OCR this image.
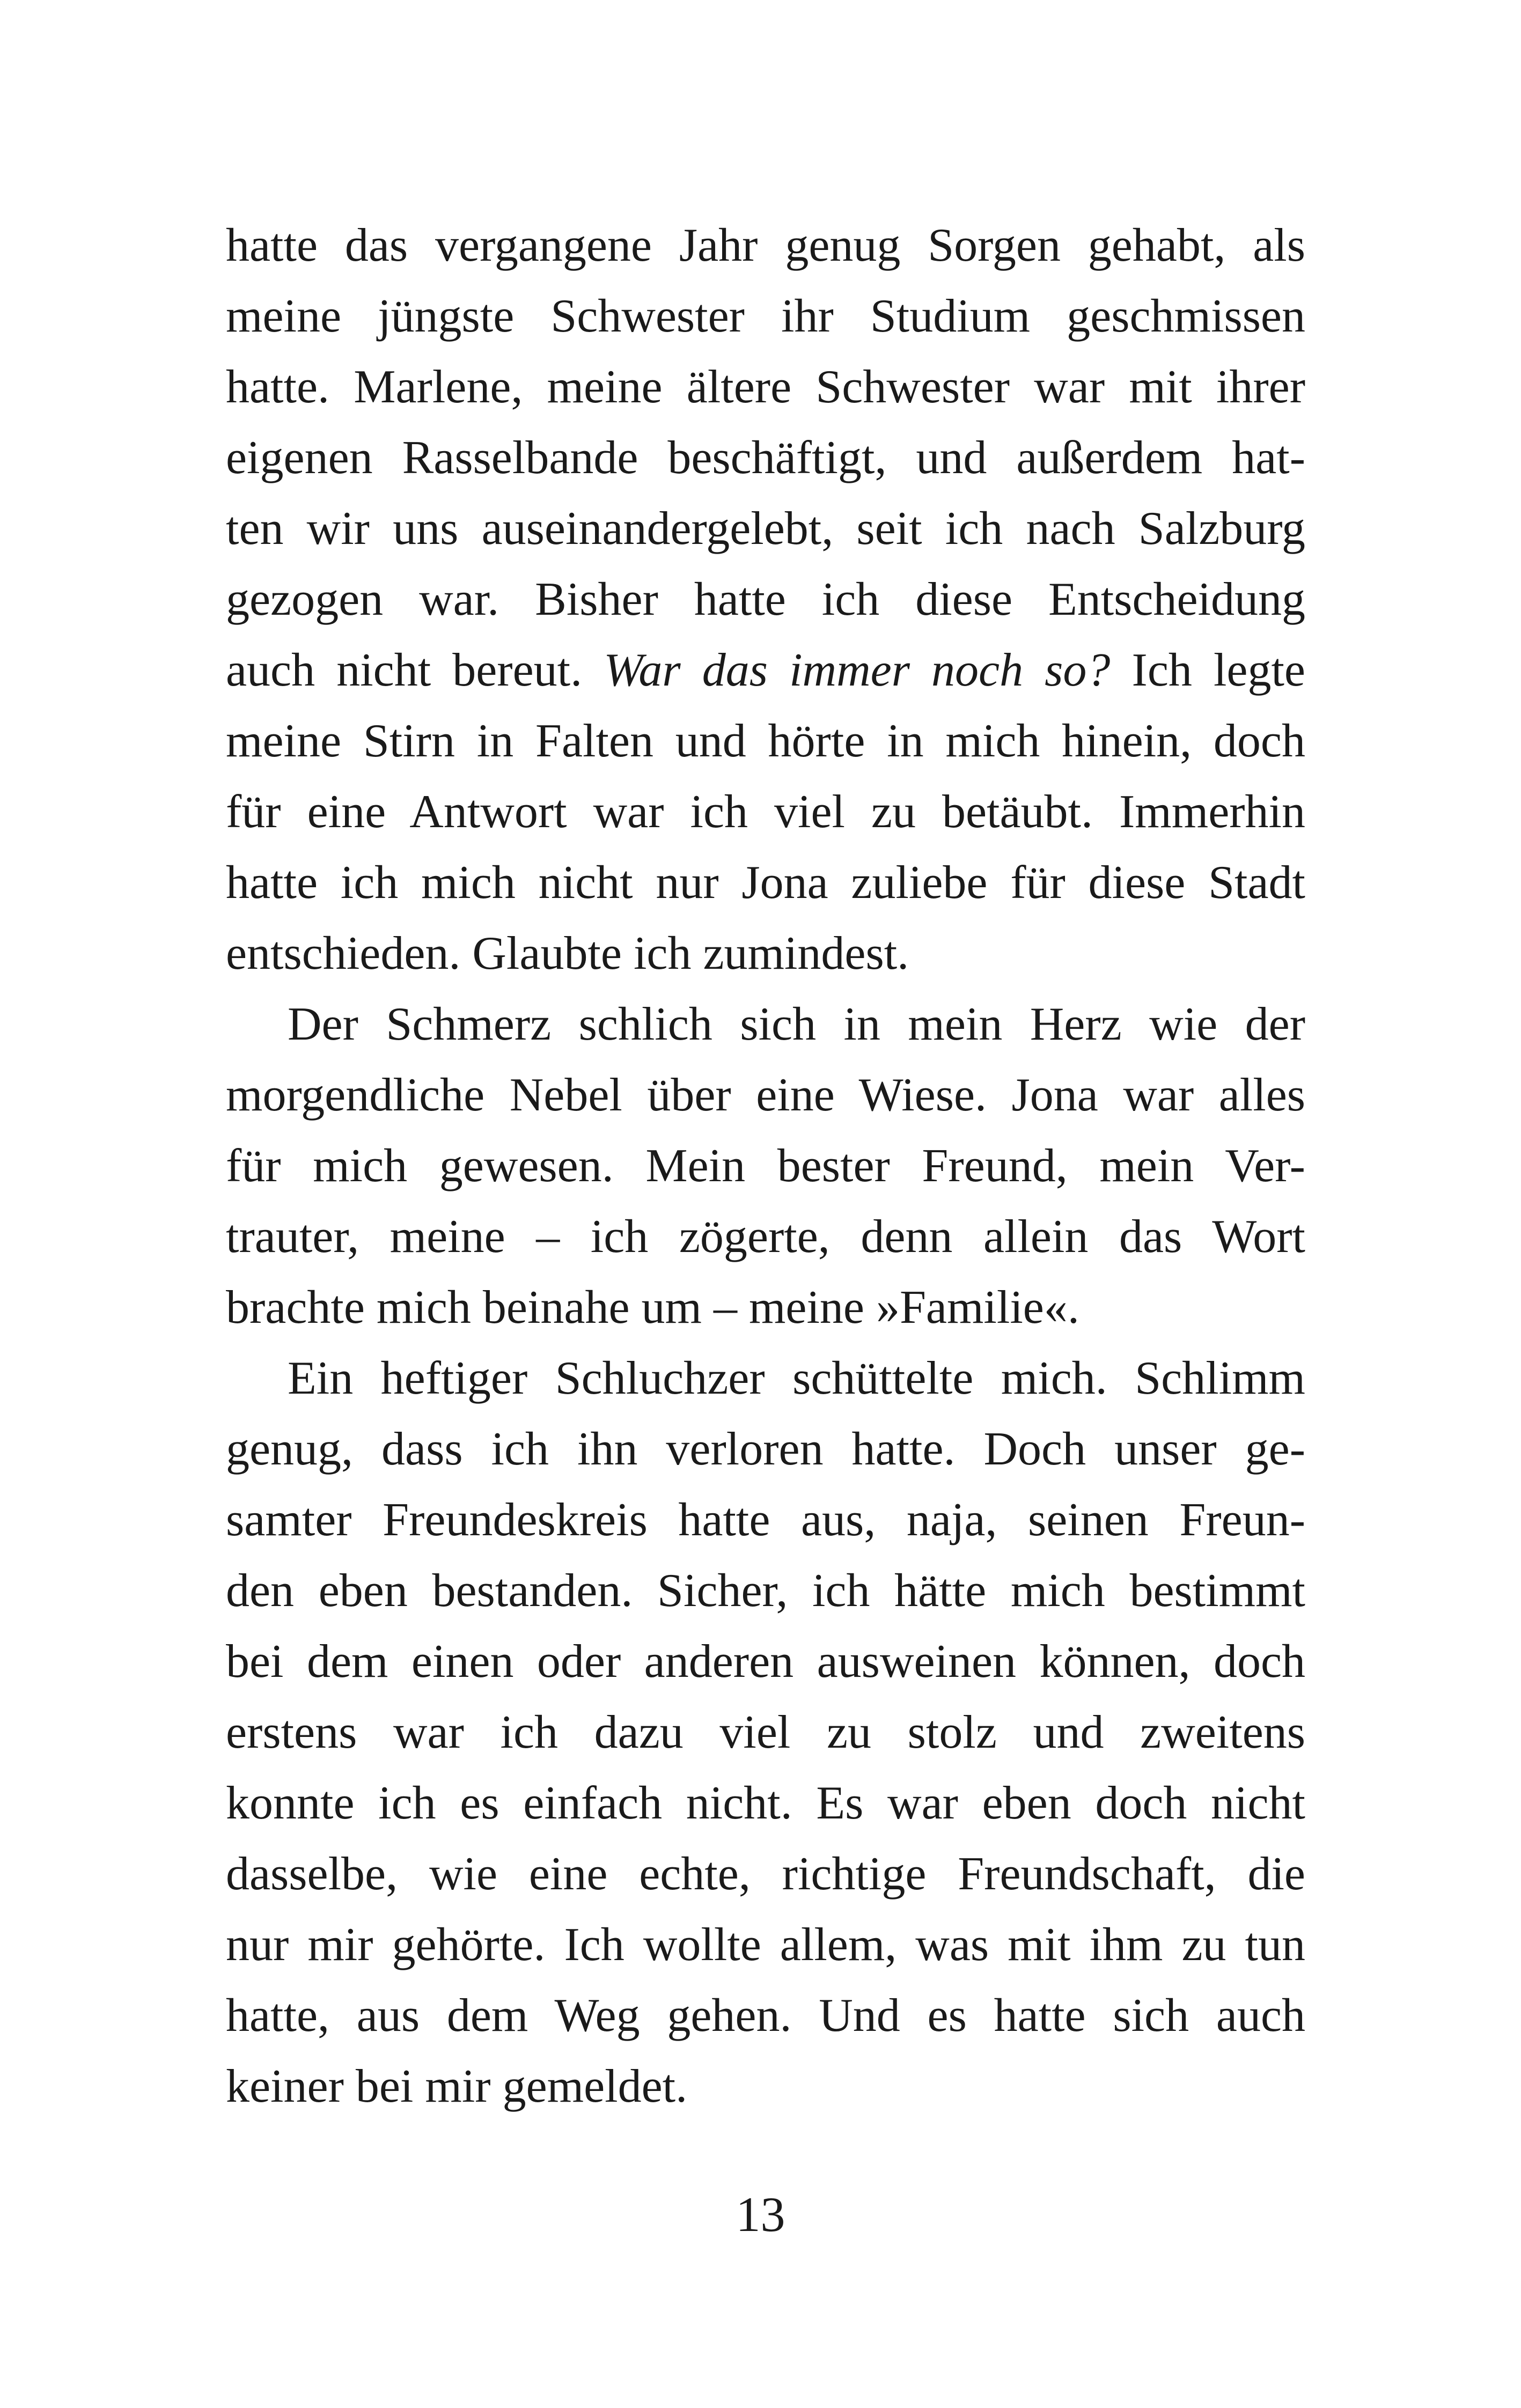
hatte das vergangene Jahr genug Sorgen gehabt, als
meine jüngste Schwester ihr Studium geschmissen
hatte. Marlene, meine ältere Schwester war mit ihrer
eigenen Rasselbande beschäftigt, und außerdem hat-
ten wir uns auseinandergelebt, seit ich nach Salzburg
gezogen war. Bisher hatte ich diese Entscheidung
auch nicht bereut. War das immer noch so? Ich legte
meine Stirn in Falten und hörte in mich hinein, doch
für eine Antwort war ich viel zu betäubt. Immerhin
hatte ich mich nicht nur Jona zuliebe für diese Stadt
entschieden. Glaubte ich zumindest.
Der Schmerz schlich sich in mein Herz wie der
morgendliche Nebel über eine Wiese. Jona war alles
für mich gewesen. Mein bester Freund, mein Ver-
trauter, meine – ich zögerte, denn allein das Wort
brachte mich beinahe um – meine »Familie«.
Ein heftiger Schluchzer schüttelte mich. Schlimm
genug, dass ich ihn verloren hatte. Doch unser ge-
samter Freundeskreis hatte aus, naja, seinen Freun-
den eben bestanden. Sicher, ich hätte mich bestimmt
bei dem einen oder anderen ausweinen können, doch
erstens war ich dazu viel zu stolz und zweitens
konnte ich es einfach nicht. Es war eben doch nicht
dasselbe, wie eine echte, richtige Freundschaft, die
nur mir gehörte. Ich wollte allem, was mit ihm zu tun
hatte, aus dem Weg gehen. Und es hatte sich auch
keiner bei mir gemeldet.
13
